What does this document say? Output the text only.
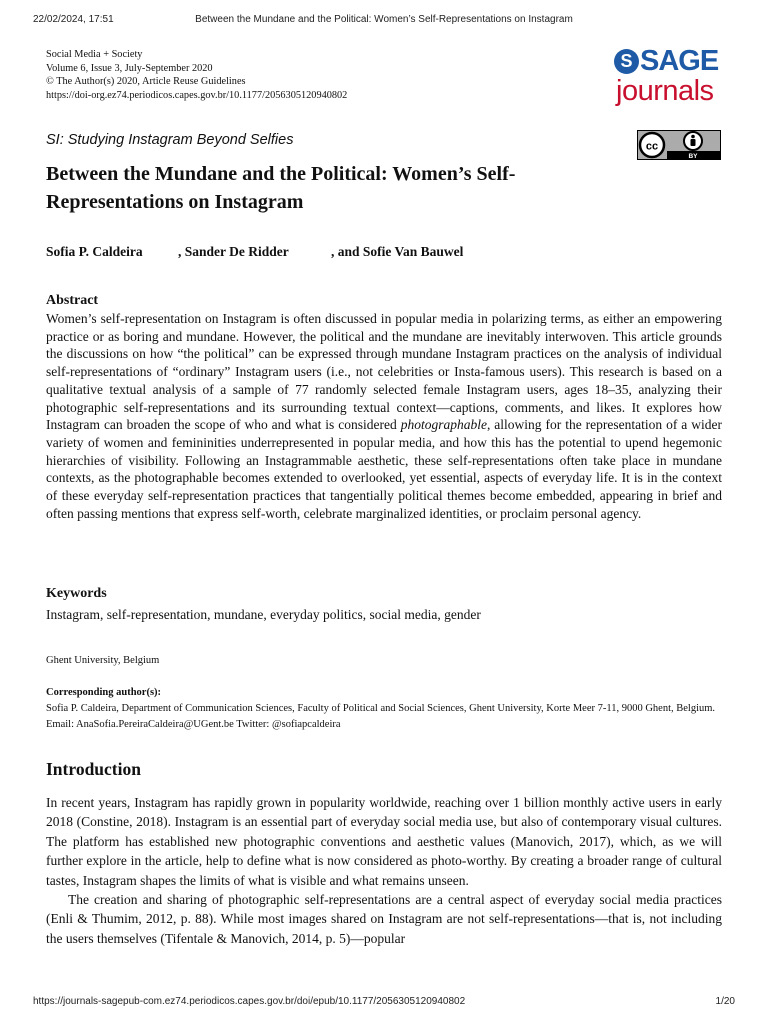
22/02/2024, 17:51	Between the Mundane and the Political: Women’s Self-Representations on Instagram
Social Media + Society
Volume 6, Issue 3, July-September 2020
© The Author(s) 2020, Article Reuse Guidelines
https://doi-org.ez74.periodicos.capes.gov.br/10.1177/2056305120940802
S SAGE
journals
SI: Studying Instagram Beyond Selfies	cc
BY
Between the Mundane and the Political: Women’s Self-Representations on Instagram
Sofia P. Caldeira	, Sander De Ridder	, and Sofie Van Bauwel
Abstract

Women’s self-representation on Instagram is often discussed in popular media in polarizing terms, as either an empowering practice or as boring and mundane. However, the political and the mundane are inevitably interwoven. This article grounds the discussions on how “the political” can be expressed through mundane Instagram practices on the analysis of individual self-representations of “ordinary” Instagram users (i.e., not celebrities or Insta-famous users). This research is based on a qualitative textual analysis of a sample of 77 randomly selected female Instagram users, ages 18–35, analyzing their photographic self-representations and its surrounding textual context—captions, comments, and likes. It explores how Instagram can broaden the scope of who and what is considered photographable, allowing for the representation of a wider variety of women and femininities underrepresented in popular media, and how this has the potential to upend hegemonic hierarchies of visibility. Following an Instagrammable aesthetic, these self-representations often take place in mundane contexts, as the photographable becomes extended to overlooked, yet essential, aspects of everyday life. It is in the context of these everyday self-representation practices that tangentially political themes become embedded, appearing in brief and often passing mentions that express self-worth, celebrate marginalized identities, or proclaim personal agency.

Keywords

Instagram, self-representation, mundane, everyday politics, social media, gender

Ghent University, Belgium
Corresponding author(s):
Sofia P. Caldeira, Department of Communication Sciences, Faculty of Political and Social Sciences, Ghent University, Korte Meer 7-11, 9000 Ghent, Belgium. Email: AnaSofia.PereiraCaldeira@UGent.be Twitter: @sofiapcaldeira
Introduction

In recent years, Instagram has rapidly grown in popularity worldwide, reaching over 1 billion monthly active users in early 2018 (Constine, 2018). Instagram is an essential part of everyday social media use, but also of contemporary visual cultures. The platform has established new photographic conventions and aesthetic values (Manovich, 2017), which, as we will further explore in the article, help to define what is now considered as photo-worthy. By creating a broader range of cultural tastes, Instagram shapes the limits of what is visible and what remains unseen.

The creation and sharing of photographic self-representations are a central aspect of everyday social media practices (Enli & Thumim, 2012, p. 88). While most images shared on Instagram are not self-representations—that is, not including the users themselves (Tifentale & Manovich, 2014, p. 5)—popular

https://journals-sagepub-com.ez74.periodicos.capes.gov.br/doi/epub/10.1177/2056305120940802	1/20
